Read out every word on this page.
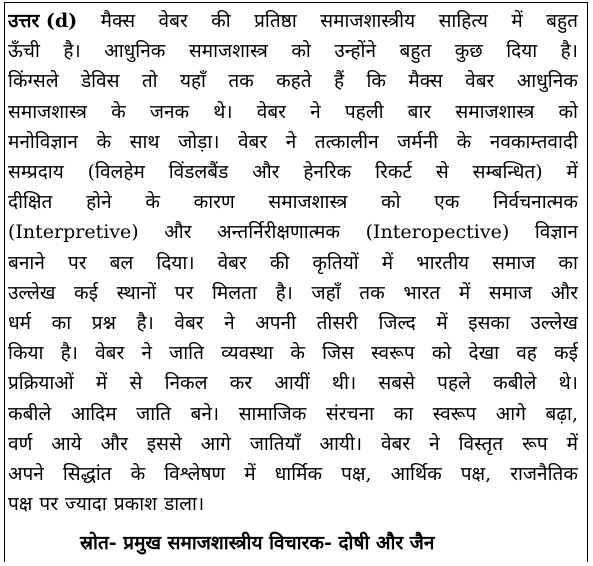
उत्तर (d) मैक्स वेबर की प्रतिष्ठा समाजशास्त्रीय साहित्य में बहुत
ऊँची है। आधुनिक समाजशास्त्र को उन्होंने बहुत कुछ दिया है।
किंग्सले डेविस तो यहाँ तक कहते हैं कि मैक्स वेबर आधुनिक
समाजशास्त्र के जनक थे। वेबर ने पहली बार समाजशास्त्र को
मनोविज्ञान के साथ जोड़ा। वेबर ने तत्कालीन जर्मनी के नवकाम्तवादी
सम्प्रदाय (विलहेम विंडलबैंड और हेनरिक रिकर्ट से सम्बन्धित) में
दीक्षित होने के कारण समाजशास्त्र को एक निर्वचनात्मक
(Interpretive) और अन्तर्निरीक्षणात्मक (Interopective) विज्ञान
बनाने पर बल दिया। वेबर की कृतियों में भारतीय समाज का
उल्लेख कई स्थानों पर मिलता है। जहाँ तक भारत में समाज और
धर्म का प्रश्न है। वेबर ने अपनी तीसरी जिल्द में इसका उल्लेख
किया है। वेबर ने जाति व्यवस्था के जिस स्वरूप को देखा वह कई
प्रक्रियाओं में से निकल कर आयीं थी। सबसे पहले कबीले थे।
कबीले आदिम जाति बने। सामाजिक संरचना का स्वरूप आगे बढ़ा,
वर्ण आये और इससे आगे जातियाँ आयी। वेबर ने विस्तृत रूप में
अपने सिद्धांत के विश्लेषण में धार्मिक पक्ष, आर्थिक पक्ष, राजनैतिक
पक्ष पर ज्यादा प्रकाश डाला।
स्रोत- प्रमुख समाजशास्त्रीय विचारक- दोषी और जैन
